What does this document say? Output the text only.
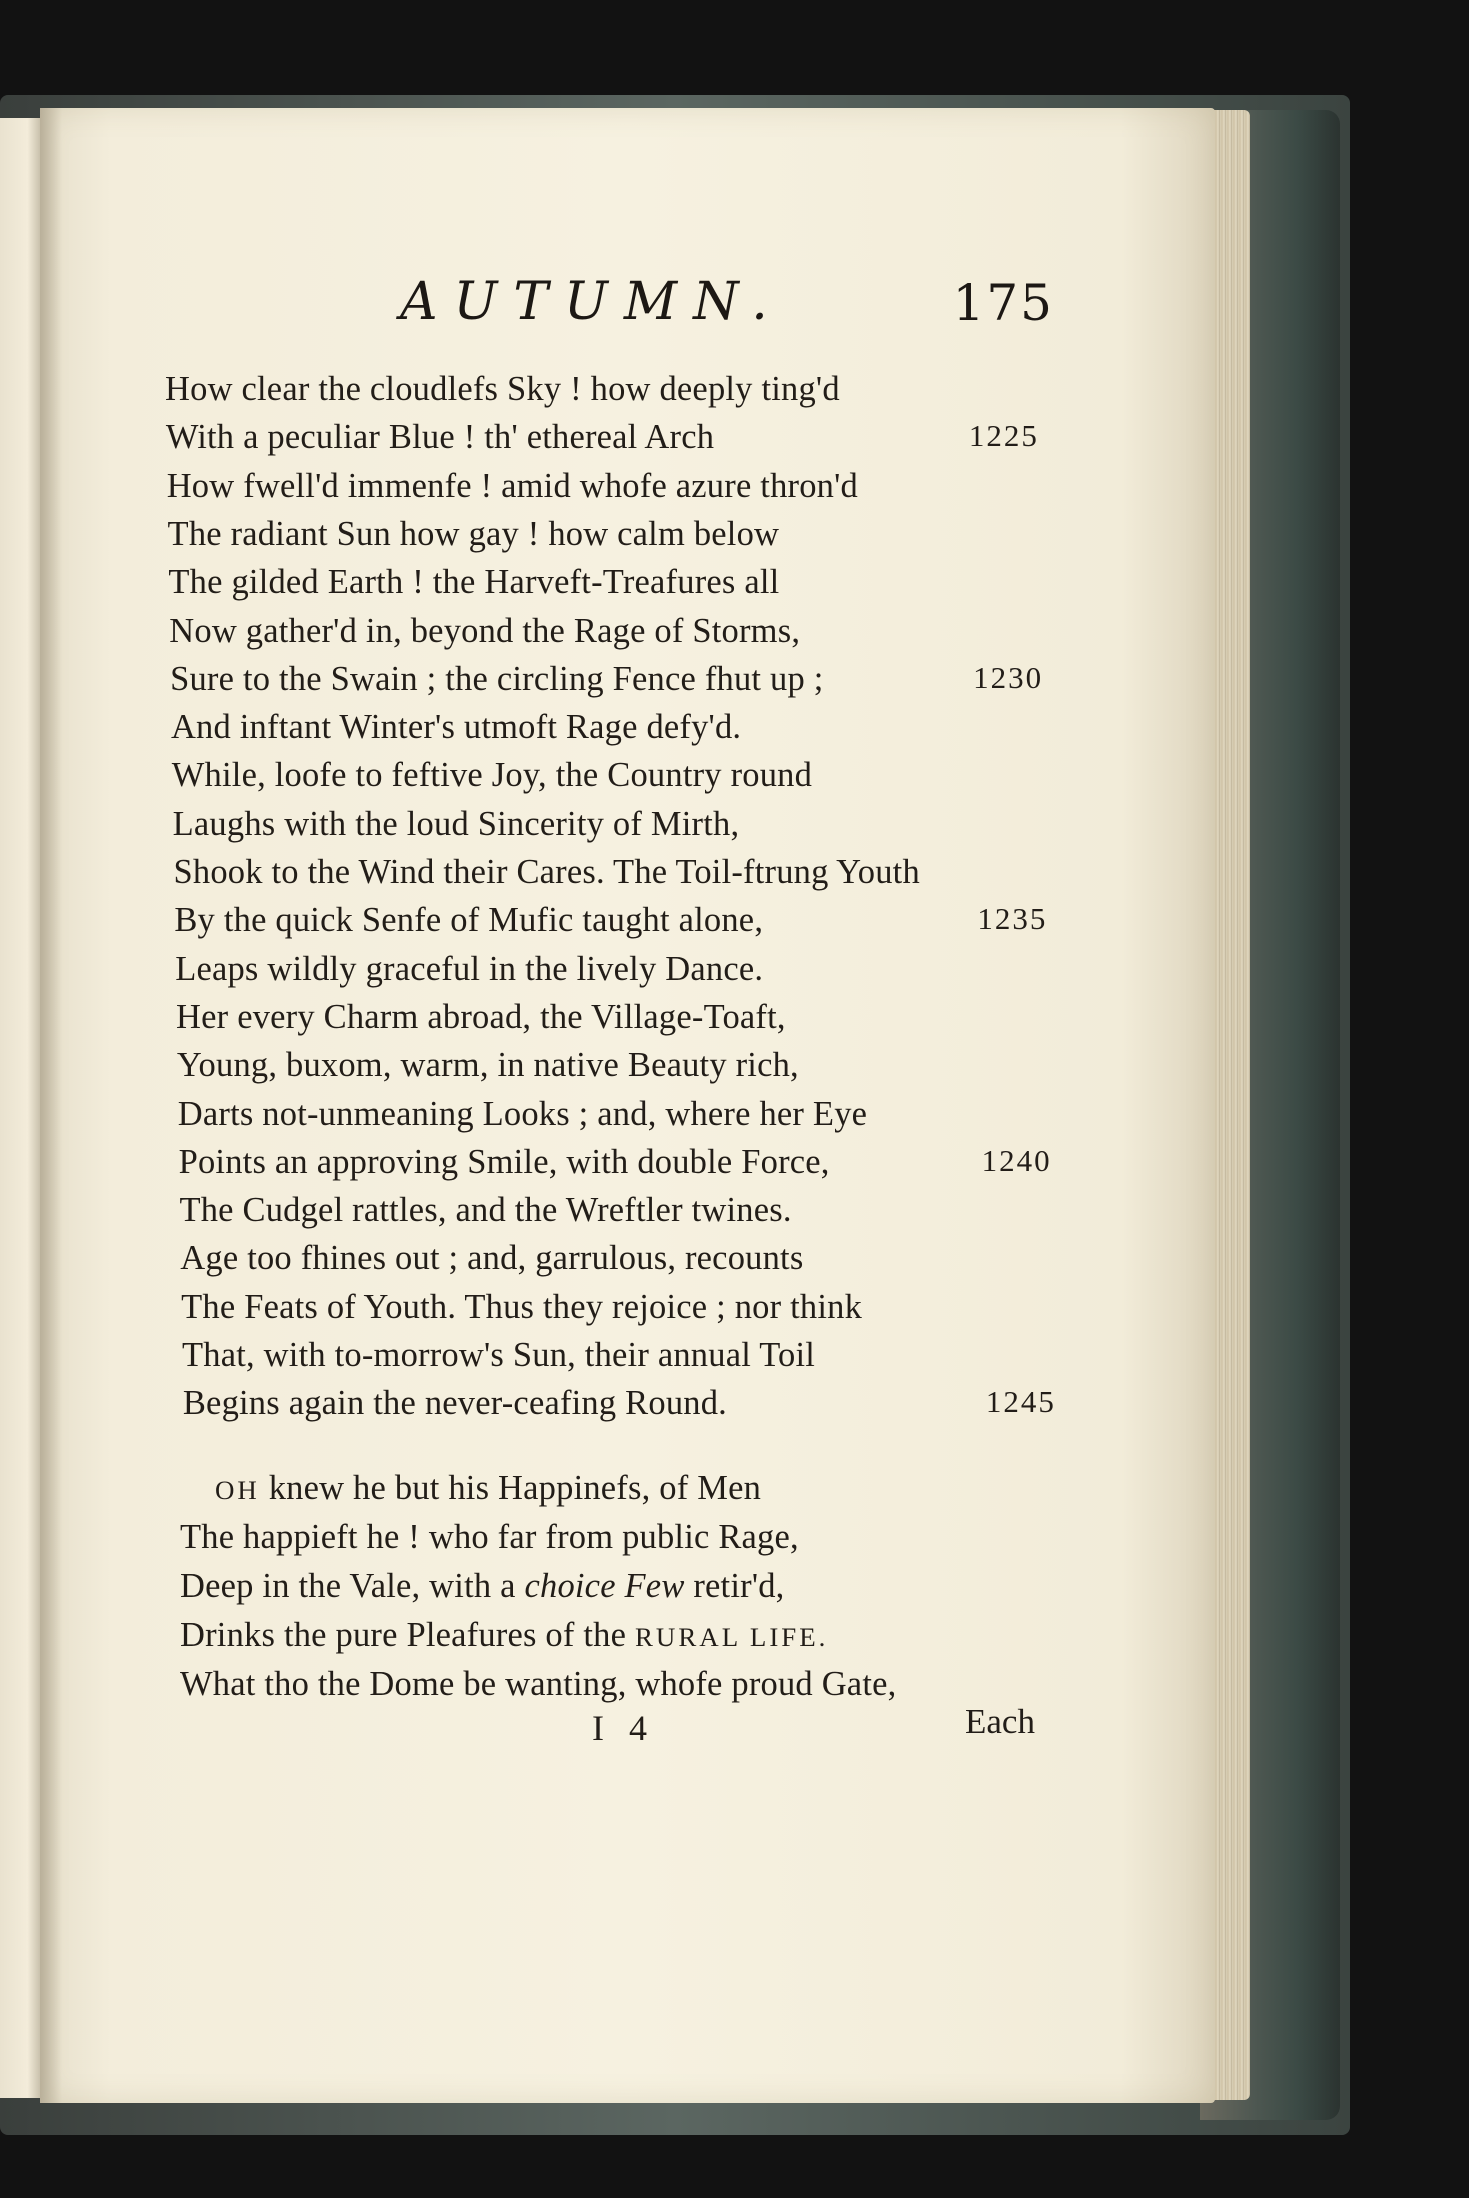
AUTUMN.	175
How clear the cloudlefs Sky ! how deeply ting'd
With a peculiar Blue ! th' ethereal Arch	1225
How fwell'd immenfe ! amid whofe azure thron'd
The radiant Sun how gay ! how calm below
The gilded Earth ! the Harveft-Treafures all
Now gather'd in, beyond the Rage of Storms,
Sure to the Swain ; the circling Fence fhut up ;	1230
And inftant Winter's utmoft Rage defy'd.
While, loofe to feftive Joy, the Country round
Laughs with the loud Sincerity of Mirth,
Shook to the Wind their Cares. The Toil-ftrung Youth
By the quick Senfe of Mufic taught alone,	1235
Leaps wildly graceful in the lively Dance.
Her every Charm abroad, the Village-Toaft,
Young, buxom, warm, in native Beauty rich,
Darts not-unmeaning Looks ; and, where her Eye
Points an approving Smile, with double Force,	1240
The Cudgel rattles, and the Wreftler twines.
Age too fhines out ; and, garrulous, recounts
The Feats of Youth. Thus they rejoice ; nor think
That, with to-morrow's Sun, their annual Toil
Begins again the never-ceafing Round.	1245
OH knew he but his Happinefs, of Men
The happieft he ! who far from public Rage,
Deep in the Vale, with a choice Few retir'd,
Drinks the pure Pleafures of the RURAL LIFE.
What tho the Dome be wanting, whofe proud Gate,
I 4	Each
